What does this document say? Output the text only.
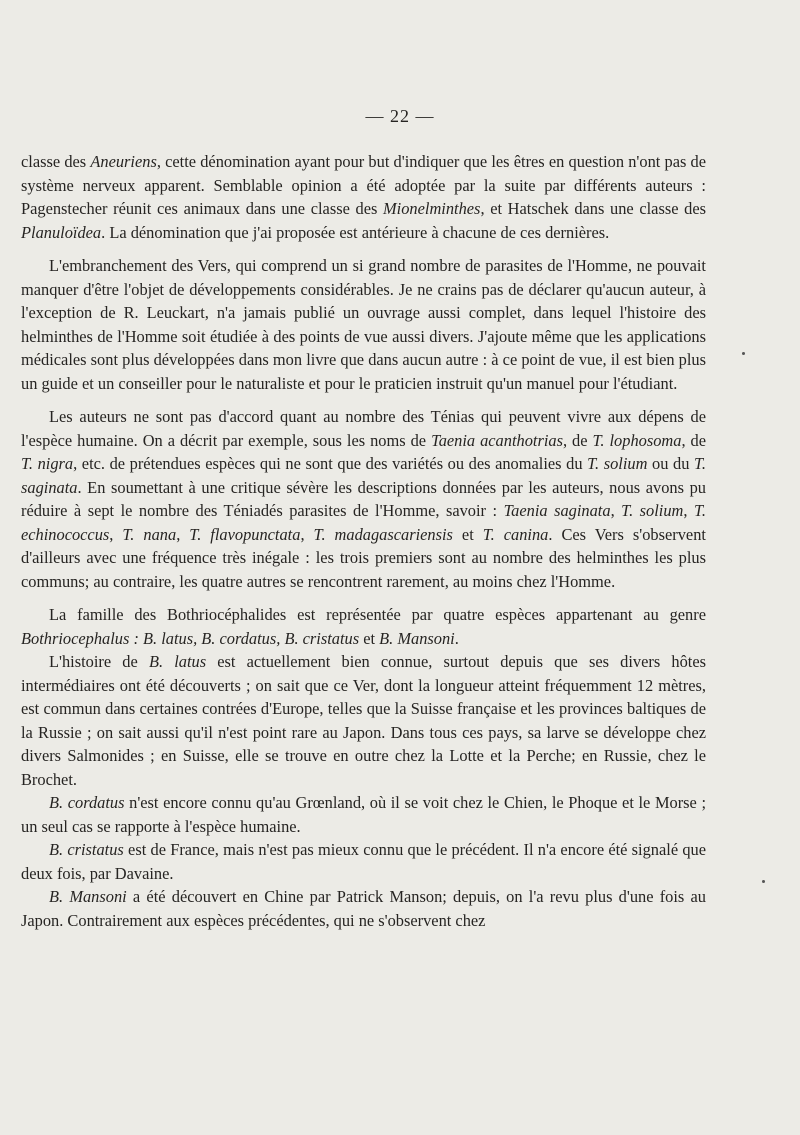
— 22 —

classe des Aneuriens, cette dénomination ayant pour but d'indiquer que les êtres en question n'ont pas de système nerveux apparent. Semblable opinion a été adoptée par la suite par différents auteurs : Pagenstecher réunit ces animaux dans une classe des Mionelminthes, et Hatschek dans une classe des Planuloïdea. La dénomination que j'ai proposée est antérieure à chacune de ces dernières.

L'embranchement des Vers, qui comprend un si grand nombre de parasites de l'Homme, ne pouvait manquer d'être l'objet de développements considérables. Je ne crains pas de déclarer qu'aucun auteur, à l'exception de R. Leuckart, n'a jamais publié un ouvrage aussi complet, dans lequel l'histoire des helminthes de l'Homme soit étudiée à des points de vue aussi divers. J'ajoute même que les applications médicales sont plus développées dans mon livre que dans aucun autre : à ce point de vue, il est bien plus un guide et un conseiller pour le naturaliste et pour le praticien instruit qu'un manuel pour l'étudiant.

Les auteurs ne sont pas d'accord quant au nombre des Ténias qui peuvent vivre aux dépens de l'espèce humaine. On a décrit par exemple, sous les noms de Taenia acanthotrias, de T. lophosoma, de T. nigra, etc. de prétendues espèces qui ne sont que des variétés ou des anomalies du T. solium ou du T. saginata. En soumettant à une critique sévère les descriptions données par les auteurs, nous avons pu réduire à sept le nombre des Téniadés parasites de l'Homme, savoir : Taenia saginata, T. solium, T. echinococcus, T. nana, T. flavopunctata, T. madagascariensis et T. canina. Ces Vers s'observent d'ailleurs avec une fréquence très inégale : les trois premiers sont au nombre des helminthes les plus communs; au contraire, les quatre autres se rencontrent rarement, au moins chez l'Homme.

La famille des Bothriocéphalides est représentée par quatre espèces appartenant au genre Bothriocephalus : B. latus, B. cordatus, B. cristatus et B. Mansoni.

L'histoire de B. latus est actuellement bien connue, surtout depuis que ses divers hôtes intermédiaires ont été découverts ; on sait que ce Ver, dont la longueur atteint fréquemment 12 mètres, est commun dans certaines contrées d'Europe, telles que la Suisse française et les provinces baltiques de la Russie ; on sait aussi qu'il n'est point rare au Japon. Dans tous ces pays, sa larve se développe chez divers Salmonides ; en Suisse, elle se trouve en outre chez la Lotte et la Perche; en Russie, chez le Brochet.

B. cordatus n'est encore connu qu'au Grœnland, où il se voit chez le Chien, le Phoque et le Morse ; un seul cas se rapporte à l'espèce humaine.

B. cristatus est de France, mais n'est pas mieux connu que le précédent. Il n'a encore été signalé que deux fois, par Davaine.

B. Mansoni a été découvert en Chine par Patrick Manson; depuis, on l'a revu plus d'une fois au Japon. Contrairement aux espèces précédentes, qui ne s'observent chez
